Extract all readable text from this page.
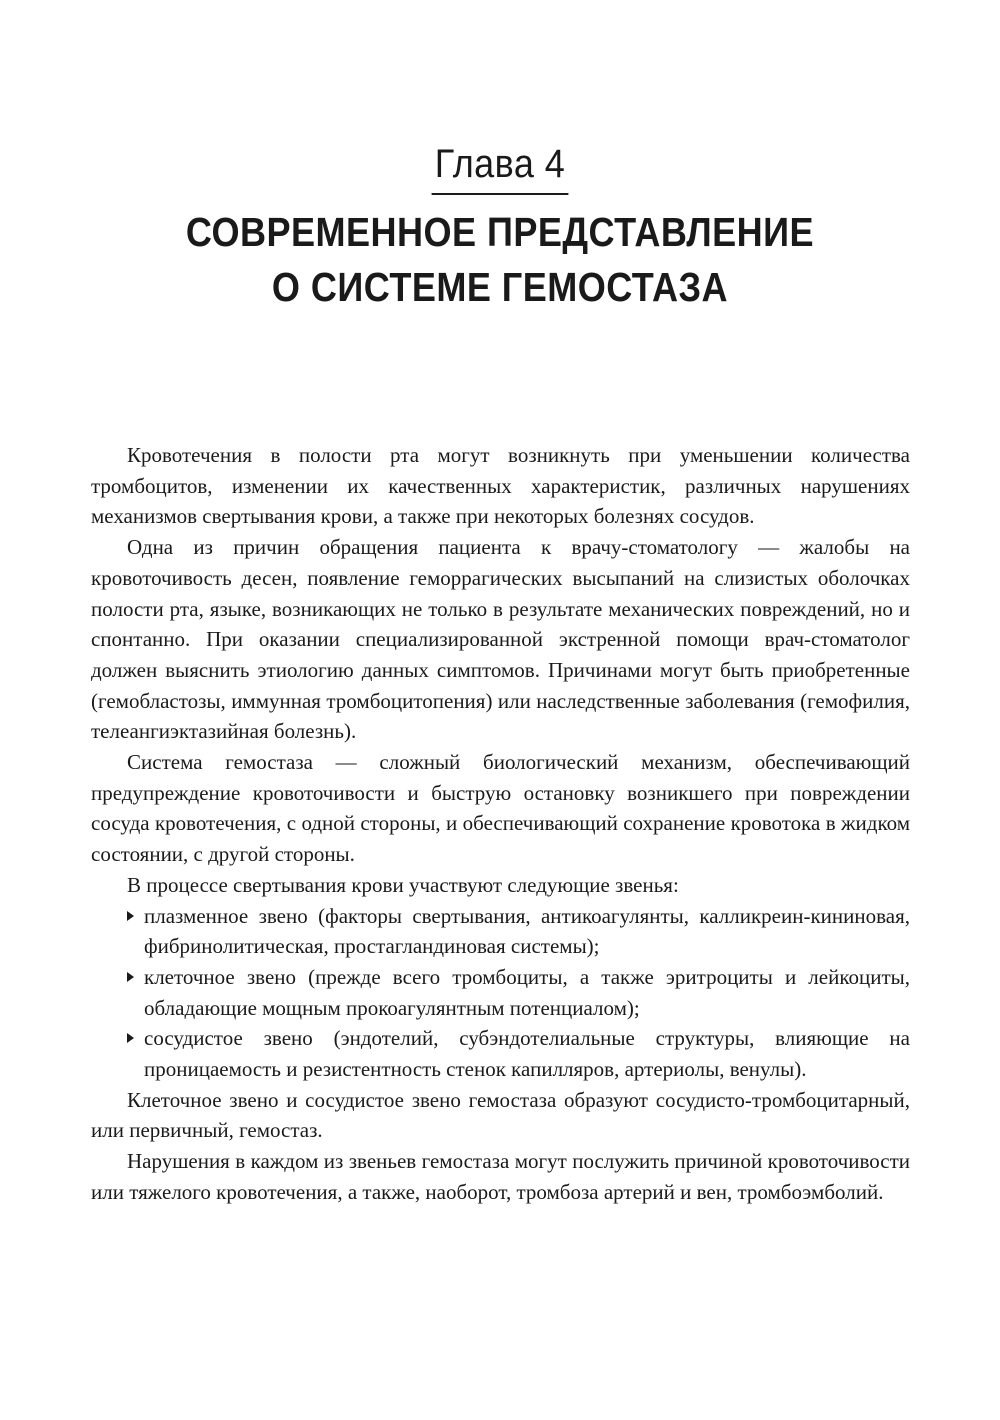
Глава 4
СОВРЕМЕННОЕ ПРЕДСТАВЛЕНИЕ
О СИСТЕМЕ ГЕМОСТАЗА

Кровотечения в полости рта могут возникнуть при уменьшении количества тромбоцитов, изменении их качественных характеристик, различных нарушениях механизмов свертывания крови, а также при некоторых болезнях сосудов.

Одна из причин обращения пациента к врачу-стоматологу — жалобы на кровоточивость десен, появление геморрагических высыпаний на слизистых оболочках полости рта, языке, возникающих не только в результате механических повреждений, но и спонтанно. При оказании специализированной экстренной помощи врач-стоматолог должен выяснить этиологию данных симптомов. Причинами могут быть приобретенные (гемобластозы, иммунная тромбоцитопения) или наследственные заболевания (гемофилия, телеангиэктазийная болезнь).

Система гемостаза — сложный биологический механизм, обеспечивающий предупреждение кровоточивости и быструю остановку возникшего при повреждении сосуда кровотечения, с одной стороны, и обеспечивающий сохранение кровотока в жидком состоянии, с другой стороны.

В процессе свертывания крови участвуют следующие звенья:

плазменное звено (факторы свертывания, антикоагулянты, калликреин-кининовая, фибринолитическая, простагландиновая системы);
клеточное звено (прежде всего тромбоциты, а также эритроциты и лейкоциты, обладающие мощным прокоагулянтным потенциалом);
сосудистое звено (эндотелий, субэндотелиальные структуры, влияющие на проницаемость и резистентность стенок капилляров, артериолы, венулы).

Клеточное звено и сосудистое звено гемостаза образуют сосудисто-тромбоцитарный, или первичный, гемостаз.

Нарушения в каждом из звеньев гемостаза могут послужить причиной кровоточивости или тяжелого кровотечения, а также, наоборот, тромбоза артерий и вен, тромбоэмболий.
